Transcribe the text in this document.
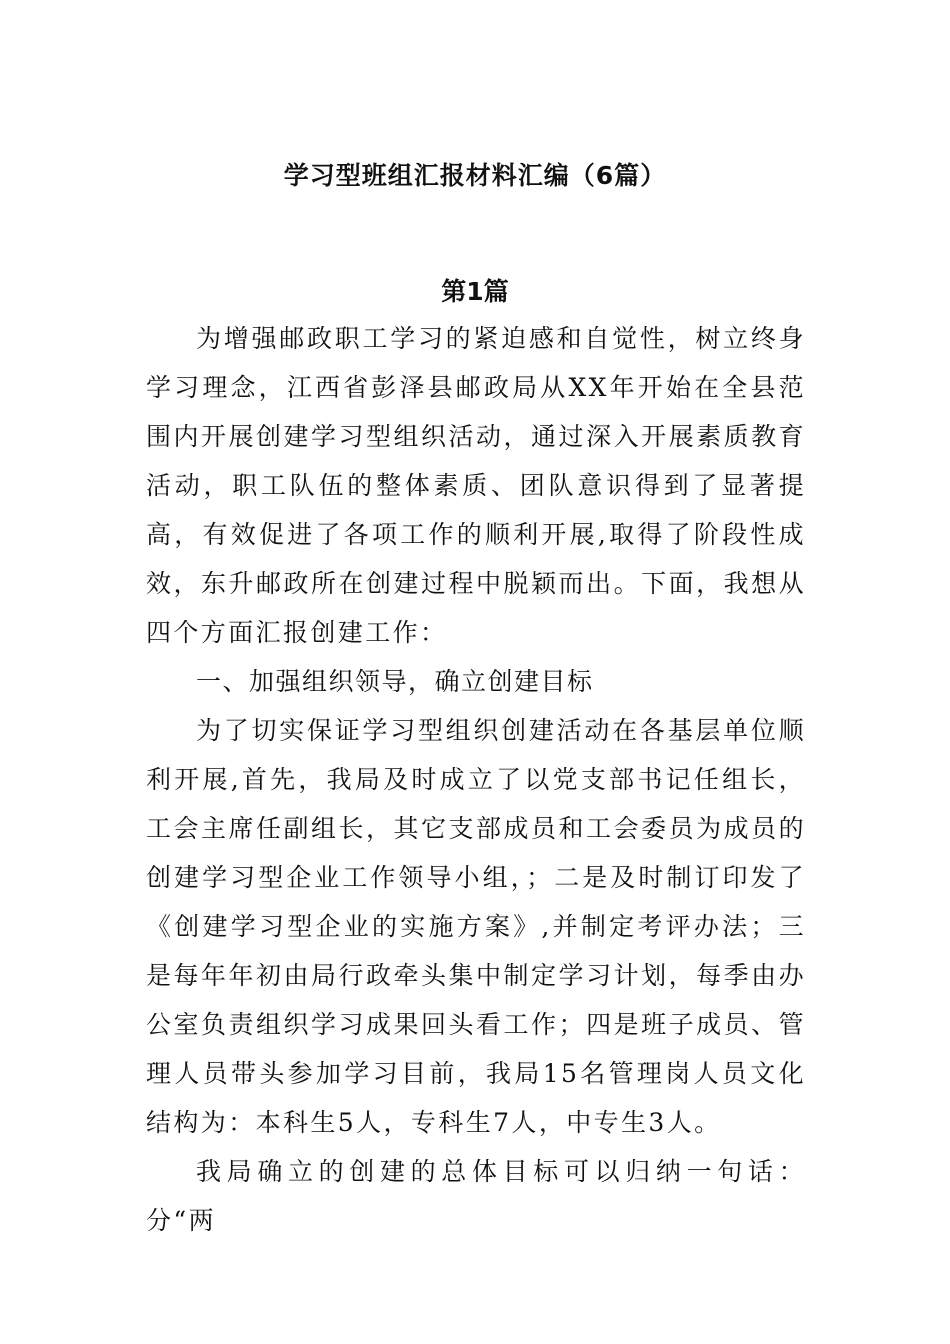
学习型班组汇报材料汇编（6篇）
第1篇

为增强邮政职工学习的紧迫感和自觉性，树立终身学习理念，江西省彭泽县邮政局从XX年开始在全县范围内开展创建学习型组织活动，通过深入开展素质教育活动，职工队伍的整体素质、团队意识得到了显著提高，有效促进了各项工作的顺利开展,取得了阶段性成效，东升邮政所在创建过程中脱颖而出。下面，我想从四个方面汇报创建工作：

一、加强组织领导，确立创建目标

为了切实保证学习型组织创建活动在各基层单位顺利开展,首先，我局及时成立了以党支部书记任组长，工会主席任副组长，其它支部成员和工会委员为成员的创建学习型企业工作领导小组，；二是及时制订印发了《创建学习型企业的实施方案》,并制定考评办法；三是每年年初由局行政牵头集中制定学习计划，每季由办公室负责组织学习成果回头看工作；四是班子成员、管理人员带头参加学习目前，我局15名管理岗人员文化结构为：本科生5人，专科生7人，中专生3人。

我局确立的创建的总体目标可以归纳一句话：分“两
